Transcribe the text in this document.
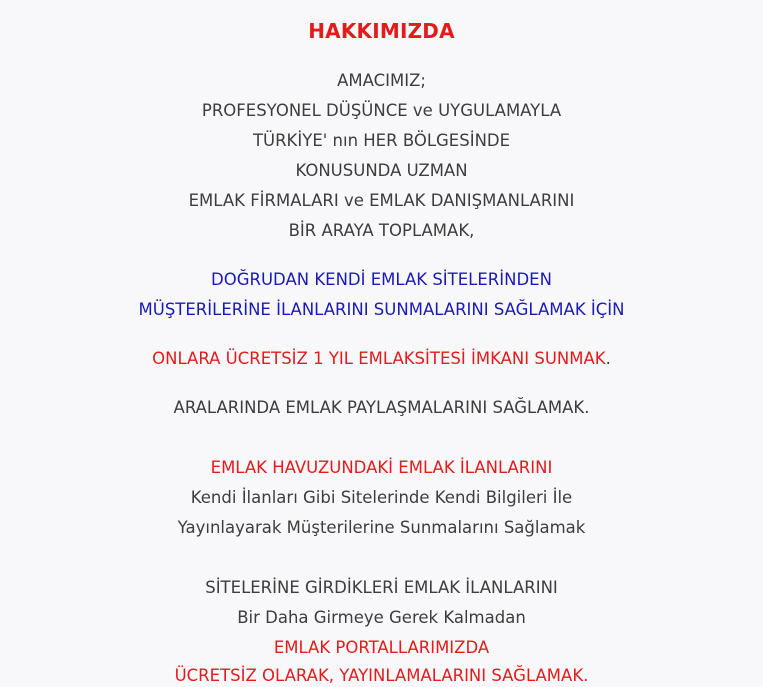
HAKKIMIZDA

AMACIMIZ;

PROFESYONEL DÜŞÜNCE ve UYGULAMAYLA

TÜRKİYE' nın HER BÖLGESİNDE

KONUSUNDA UZMAN

EMLAK FİRMALARI ve EMLAK DANIŞMANLARINI

BİR ARAYA TOPLAMAK,

DOĞRUDAN KENDİ EMLAK SİTELERİNDEN

MÜŞTERİLERİNE İLANLARINI SUNMALARINI SAĞLAMAK İÇİN

ONLARA ÜCRETSİZ 1 YIL EMLAKSİTESİ İMKANI SUNMAK.

ARALARINDA EMLAK PAYLAŞMALARINI SAĞLAMAK.

EMLAK HAVUZUNDAKİ EMLAK İLANLARINI

Kendi İlanları Gibi Sitelerinde Kendi Bilgileri İle

Yayınlayarak Müşterilerine Sunmalarını Sağlamak

SİTELERİNE GİRDİKLERİ EMLAK İLANLARINI

Bir Daha Girmeye Gerek Kalmadan

EMLAK PORTALLARIMIZDA

ÜCRETSİZ OLARAK, YAYINLAMALARINI SAĞLAMAK.
